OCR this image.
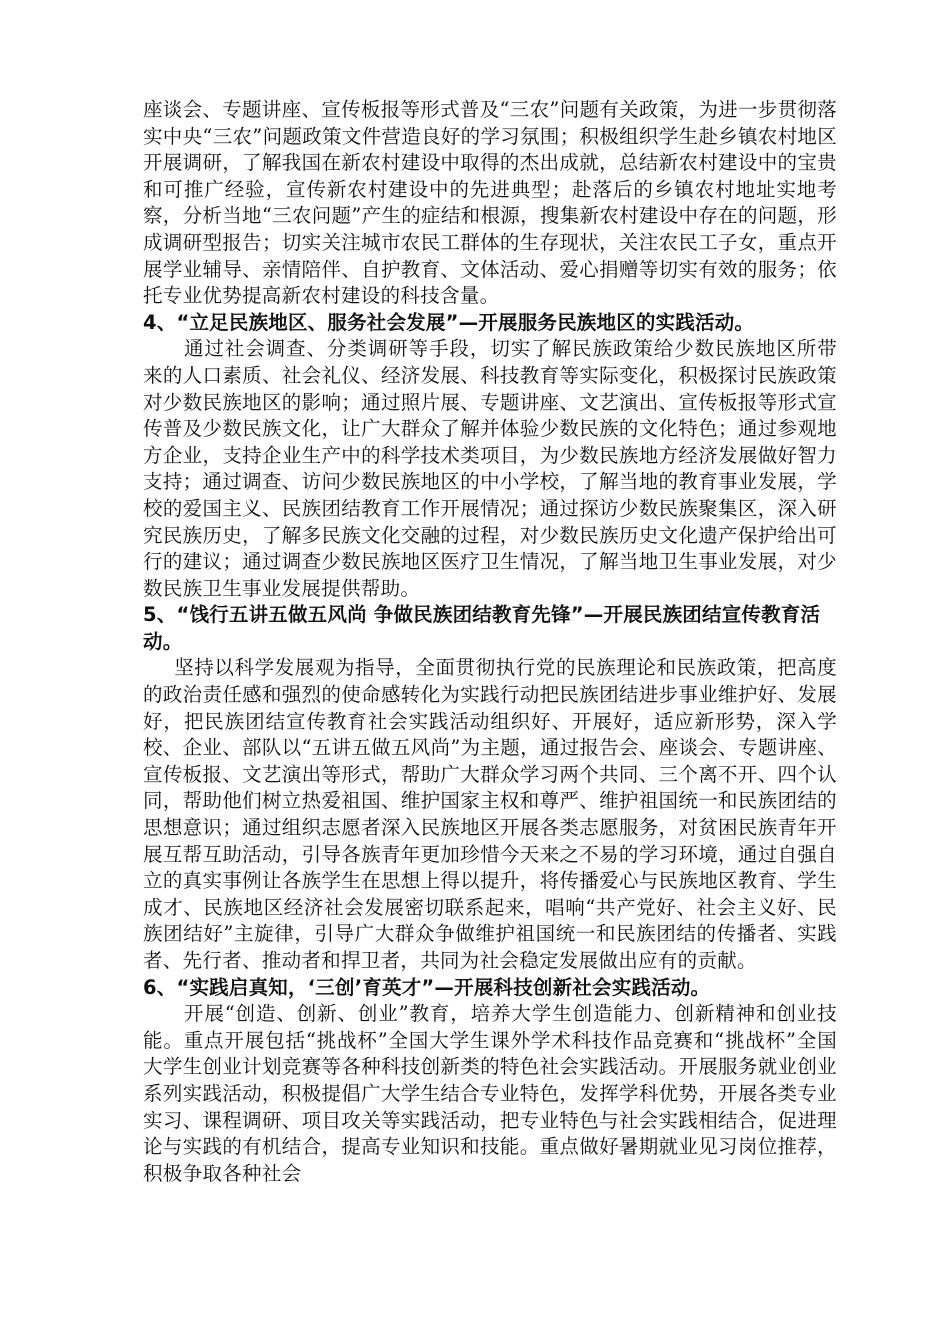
座谈会、专题讲座、宣传板报等形式普及“三农”问题有关政策，为进一步贯彻落实中央“三农”问题政策文件营造良好的学习氛围；积极组织学生赴乡镇农村地区开展调研，了解我国在新农村建设中取得的杰出成就，总结新农村建设中的宝贵和可推广经验，宣传新农村建设中的先进典型；赴落后的乡镇农村地址实地考察，分析当地“三农问题”产生的症结和根源，搜集新农村建设中存在的问题，形成调研型报告；切实关注城市农民工群体的生存现状，关注农民工子女，重点开展学业辅导、亲情陪伴、自护教育、文体活动、爱心捐赠等切实有效的服务；依托专业优势提高新农村建设的科技含量。

4、“立足民族地区、服务社会发展”—开展服务民族地区的实践活动。

通过社会调查、分类调研等手段，切实了解民族政策给少数民族地区所带来的人口素质、社会礼仪、经济发展、科技教育等实际变化，积极探讨民族政策对少数民族地区的影响；通过照片展、专题讲座、文艺演出、宣传板报等形式宣传普及少数民族文化，让广大群众了解并体验少数民族的文化特色；通过参观地方企业，支持企业生产中的科学技术类项目，为少数民族地方经济发展做好智力支持；通过调查、访问少数民族地区的中小学校，了解当地的教育事业发展，学校的爱国主义、民族团结教育工作开展情况；通过探访少数民族聚集区，深入研究民族历史，了解多民族文化交融的过程，对少数民族历史文化遗产保护给出可行的建议；通过调查少数民族地区医疗卫生情况，了解当地卫生事业发展，对少数民族卫生事业发展提供帮助。

5、“饯行五讲五做五风尚 争做民族团结教育先锋”—开展民族团结宣传教育活动。

坚持以科学发展观为指导，全面贯彻执行党的民族理论和民族政策，把高度的政治责任感和强烈的使命感转化为实践行动把民族团结进步事业维护好、发展好，把民族团结宣传教育社会实践活动组织好、开展好，适应新形势，深入学校、企业、部队以“五讲五做五风尚”为主题，通过报告会、座谈会、专题讲座、宣传板报、文艺演出等形式，帮助广大群众学习两个共同、三个离不开、四个认同，帮助他们树立热爱祖国、维护国家主权和尊严、维护祖国统一和民族团结的思想意识；通过组织志愿者深入民族地区开展各类志愿服务，对贫困民族青年开展互帮互助活动，引导各族青年更加珍惜今天来之不易的学习环境，通过自强自立的真实事例让各族学生在思想上得以提升，将传播爱心与民族地区教育、学生成才、民族地区经济社会发展密切联系起来，唱响“共产党好、社会主义好、民族团结好”主旋律，引导广大群众争做维护祖国统一和民族团结的传播者、实践者、先行者、推动者和捍卫者，共同为社会稳定发展做出应有的贡献。

6、“实践启真知，‘三创’育英才”—开展科技创新社会实践活动。

开展“创造、创新、创业”教育，培养大学生创造能力、创新精神和创业技能。重点开展包括“挑战杯”全国大学生课外学术科技作品竞赛和“挑战杯”全国大学生创业计划竞赛等各种科技创新类的特色社会实践活动。开展服务就业创业系列实践活动，积极提倡广大学生结合专业特色，发挥学科优势，开展各类专业实习、课程调研、项目攻关等实践活动，把专业特色与社会实践相结合，促进理论与实践的有机结合，提高专业知识和技能。重点做好暑期就业见习岗位推荐，积极争取各种社会
